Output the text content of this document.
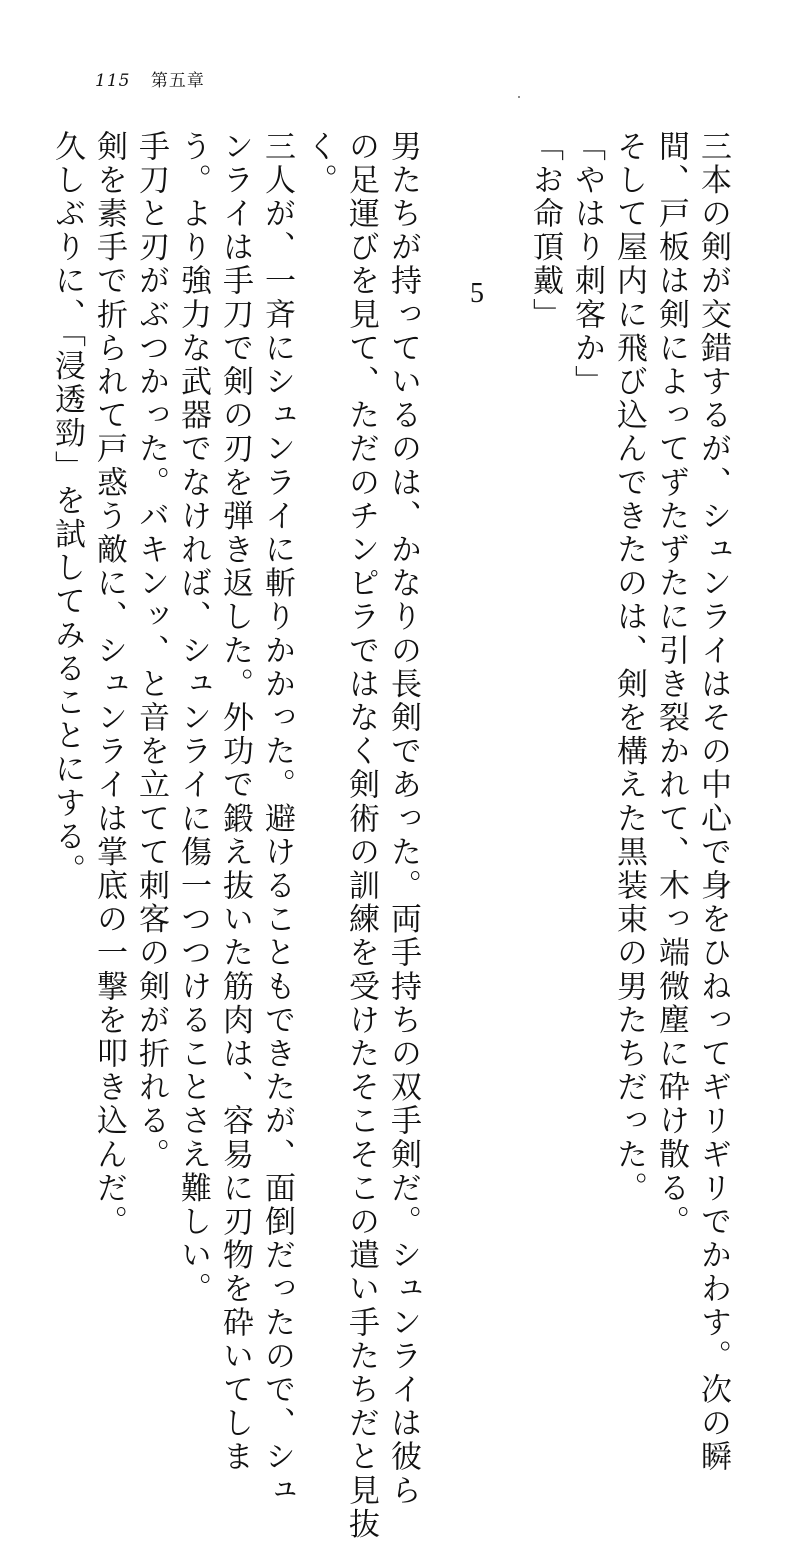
115 第五章
三本の剣が交錯するが、シュンライはその中心で身をひねってギリギリでかわす。次の瞬
間、戸板は剣によってずたずたに引き裂かれて、木っ端微塵に砕け散る。
そして屋内に飛び込んできたのは、剣を構えた黒装束の男たちだった。
「やはり刺客か」
「お命頂戴」
5
男たちが持っているのは、かなりの長剣であった。両手持ちの双手剣だ。シュンライは彼ら
の足運びを見て、ただのチンピラではなく剣術の訓練を受けたそこそこの遣い手たちだと見抜
く。
三人が、一斉にシュンライに斬りかかった。避けることもできたが、面倒だったので、シュ
ンライは手刀で剣の刃を弾き返した。外功で鍛え抜いた筋肉は、容易に刃物を砕いてしま
う。より強力な武器でなければ、シュンライに傷一つつけることさえ難しい。
手刀と刃がぶつかった。バキンッ、と音を立てて刺客の剣が折れる。
剣を素手で折られて戸惑う敵に、シュンライは掌底の一撃を叩き込んだ。
久しぶりに、「浸透勁」を試してみることにする。
